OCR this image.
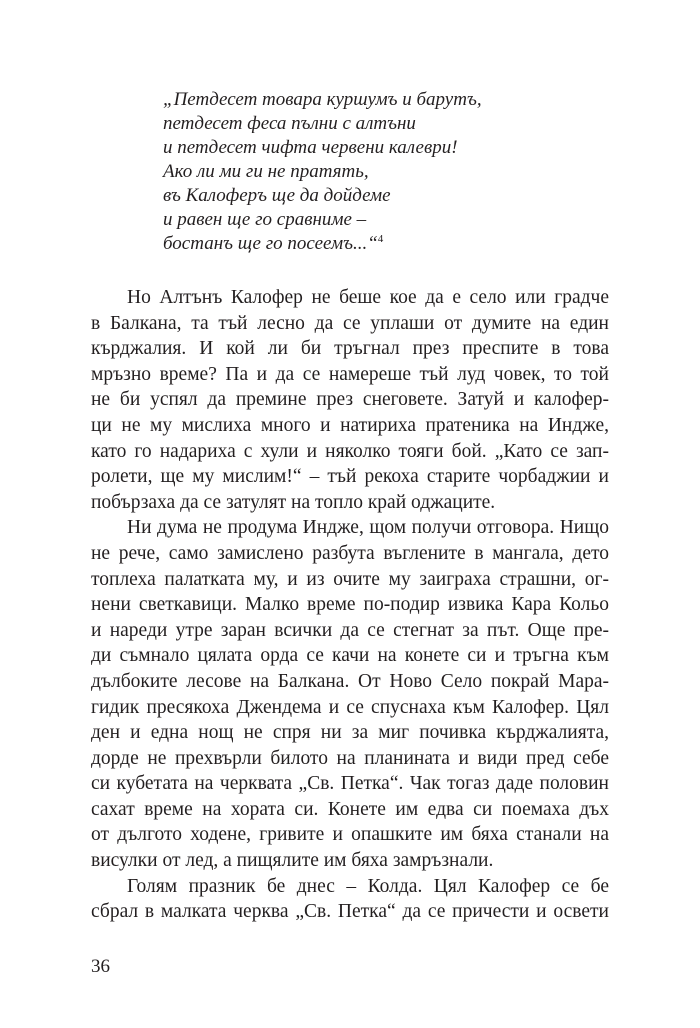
„Петдесет товара куршумъ и барутъ,
петдесет феса пълни с алтъни
и петдесет чифта червени калеври!
Ако ли ми ги не пратять,
въ Калоферъ ще да дойдеме
и равен ще го сравниме –
бостанъ ще го посеемъ...“$^4$
Но Алтънъ Калофер не беше кое да е село или градче
в Балкана, та тъй лесно да се уплаши от думите на един
кърджалия. И кой ли би тръгнал през преспите в това
мръзно време? Па и да се намереше тъй луд човек, то той
не би успял да премине през снеговете. Затуй и калофер-
ци не му мислиха много и натириха пратеника на Индже,
като го надариха с хули и няколко тояги бой. „Като се зап-
ролети, ще му мислим!“ – тъй рекоха старите чорбаджии и
побързаха да се затулят на топло край оджаците.
Ни дума не продума Индже, щом получи отговора. Нищо
не рече, само замислено разбута въглените в мангала, дето
топлеха палатката му, и из очите му заиграха страшни, ог-
нени светкавици. Малко време по-подир извика Кара Кольо
и нареди утре заран всички да се стегнат за път. Още пре-
ди съмнало цялата орда се качи на конете си и тръгна към
дълбоките лесове на Балкана. От Ново Село покрай Мара-
гидик пресякоха Джендема и се спуснаха към Калофер. Цял
ден и една нощ не спря ни за миг почивка кърджалията,
дорде не прехвърли билото на планината и види пред себе
си кубетата на черквата „Св. Петка“. Чак тогаз даде половин
сахат време на хората си. Конете им едва си поемаха дъх
от дългото ходене, гривите и опашките им бяха станали на
висулки от лед, а пищялите им бяха замръзнали.
Голям празник бе днес – Колда. Цял Калофер се бе
сбрал в малката черква „Св. Петка“ да се причести и освети
36
